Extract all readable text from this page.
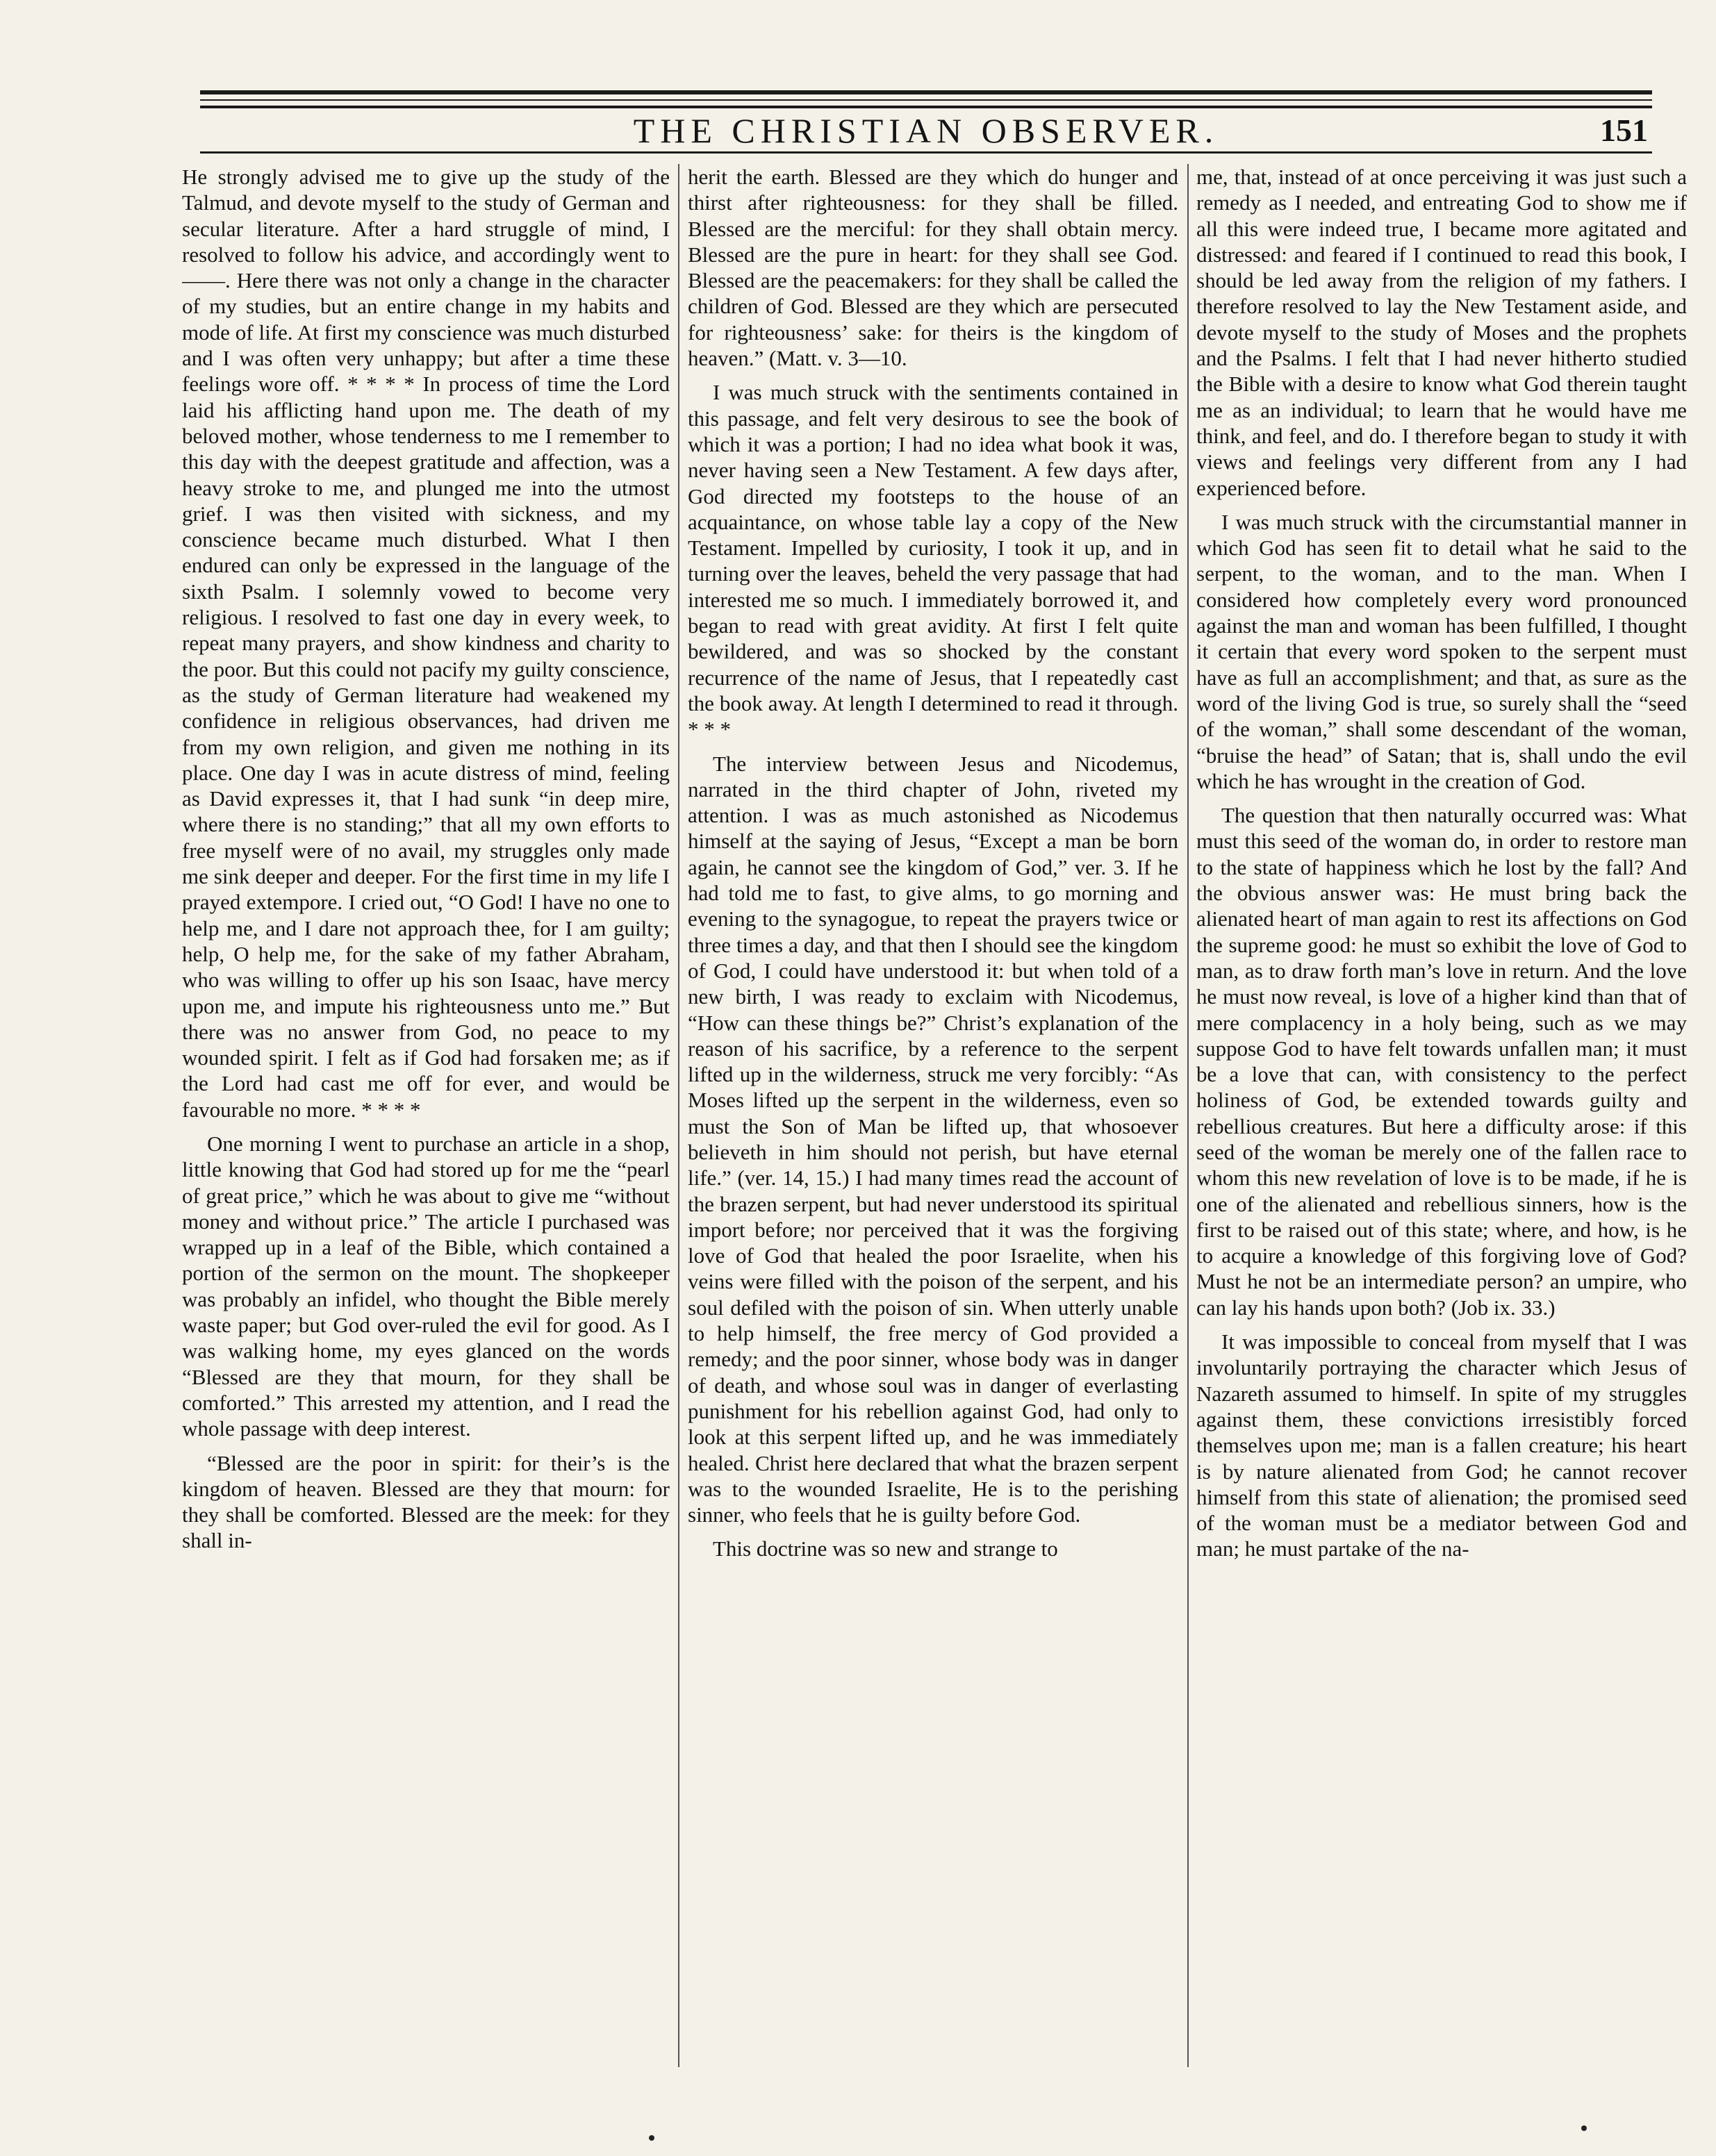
THE CHRISTIAN OBSERVER.	151

He strongly advised me to give up the study of the Talmud, and devote myself to the study of German and secular literature. After a hard struggle of mind, I resolved to follow his advice, and accordingly went to ——. Here there was not only a change in the character of my studies, but an entire change in my habits and mode of life. At first my conscience was much disturbed and I was often very unhappy; but after a time these feelings wore off. * * * * In process of time the Lord laid his afflicting hand upon me. The death of my beloved mother, whose tenderness to me I remember to this day with the deepest gratitude and affection, was a heavy stroke to me, and plunged me into the utmost grief. I was then visited with sickness, and my conscience became much disturbed. What I then endured can only be expressed in the language of the sixth Psalm. I solemnly vowed to become very religious. I resolved to fast one day in every week, to repeat many prayers, and show kindness and charity to the poor. But this could not pacify my guilty conscience, as the study of German literature had weakened my confidence in religious observances, had driven me from my own religion, and given me nothing in its place. One day I was in acute distress of mind, feeling as David expresses it, that I had sunk “in deep mire, where there is no standing;” that all my own efforts to free myself were of no avail, my struggles only made me sink deeper and deeper. For the first time in my life I prayed extempore. I cried out, “O God! I have no one to help me, and I dare not approach thee, for I am guilty; help, O help me, for the sake of my father Abraham, who was willing to offer up his son Isaac, have mercy upon me, and impute his righteousness unto me.” But there was no answer from God, no peace to my wounded spirit. I felt as if God had forsaken me; as if the Lord had cast me off for ever, and would be favourable no more. * * * *

One morning I went to purchase an article in a shop, little knowing that God had stored up for me the “pearl of great price,” which he was about to give me “without money and without price.” The article I purchased was wrapped up in a leaf of the Bible, which contained a portion of the sermon on the mount. The shopkeeper was probably an infidel, who thought the Bible merely waste paper; but God over-ruled the evil for good. As I was walking home, my eyes glanced on the words “Blessed are they that mourn, for they shall be comforted.” This arrested my attention, and I read the whole passage with deep interest.

“Blessed are the poor in spirit: for their’s is the kingdom of heaven. Blessed are they that mourn: for they shall be comforted. Blessed are the meek: for they shall in-

herit the earth. Blessed are they which do hunger and thirst after righteousness: for they shall be filled. Blessed are the merciful: for they shall obtain mercy. Blessed are the pure in heart: for they shall see God. Blessed are the peacemakers: for they shall be called the children of God. Blessed are they which are persecuted for righteousness’ sake: for theirs is the kingdom of heaven.” (Matt. v. 3—10.

I was much struck with the sentiments contained in this passage, and felt very desirous to see the book of which it was a portion; I had no idea what book it was, never having seen a New Testament. A few days after, God directed my footsteps to the house of an acquaintance, on whose table lay a copy of the New Testament. Impelled by curiosity, I took it up, and in turning over the leaves, beheld the very passage that had interested me so much. I immediately borrowed it, and began to read with great avidity. At first I felt quite bewildered, and was so shocked by the constant recurrence of the name of Jesus, that I repeatedly cast the book away. At length I determined to read it through. * * *

The interview between Jesus and Nicodemus, narrated in the third chapter of John, riveted my attention. I was as much astonished as Nicodemus himself at the saying of Jesus, “Except a man be born again, he cannot see the kingdom of God,” ver. 3. If he had told me to fast, to give alms, to go morning and evening to the synagogue, to repeat the prayers twice or three times a day, and that then I should see the kingdom of God, I could have understood it: but when told of a new birth, I was ready to exclaim with Nicodemus, “How can these things be?” Christ’s explanation of the reason of his sacrifice, by a reference to the serpent lifted up in the wilderness, struck me very forcibly: “As Moses lifted up the serpent in the wilderness, even so must the Son of Man be lifted up, that whosoever believeth in him should not perish, but have eternal life.” (ver. 14, 15.) I had many times read the account of the brazen serpent, but had never understood its spiritual import before; nor perceived that it was the forgiving love of God that healed the poor Israelite, when his veins were filled with the poison of the serpent, and his soul defiled with the poison of sin. When utterly unable to help himself, the free mercy of God provided a remedy; and the poor sinner, whose body was in danger of death, and whose soul was in danger of everlasting punishment for his rebellion against God, had only to look at this serpent lifted up, and he was immediately healed. Christ here declared that what the brazen serpent was to the wounded Israelite, He is to the perishing sinner, who feels that he is guilty before God.

This doctrine was so new and strange to

me, that, instead of at once perceiving it was just such a remedy as I needed, and entreating God to show me if all this were indeed true, I became more agitated and distressed: and feared if I continued to read this book, I should be led away from the religion of my fathers. I therefore resolved to lay the New Testament aside, and devote myself to the study of Moses and the prophets and the Psalms. I felt that I had never hitherto studied the Bible with a desire to know what God therein taught me as an individual; to learn that he would have me think, and feel, and do. I therefore began to study it with views and feelings very different from any I had experienced before.

I was much struck with the circumstantial manner in which God has seen fit to detail what he said to the serpent, to the woman, and to the man. When I considered how completely every word pronounced against the man and woman has been fulfilled, I thought it certain that every word spoken to the serpent must have as full an accomplishment; and that, as sure as the word of the living God is true, so surely shall the “seed of the woman,” shall some descendant of the woman, “bruise the head” of Satan; that is, shall undo the evil which he has wrought in the creation of God.

The question that then naturally occurred was: What must this seed of the woman do, in order to restore man to the state of happiness which he lost by the fall? And the obvious answer was: He must bring back the alienated heart of man again to rest its affections on God the supreme good: he must so exhibit the love of God to man, as to draw forth man’s love in return. And the love he must now reveal, is love of a higher kind than that of mere complacency in a holy being, such as we may suppose God to have felt towards unfallen man; it must be a love that can, with consistency to the perfect holiness of God, be extended towards guilty and rebellious creatures. But here a difficulty arose: if this seed of the woman be merely one of the fallen race to whom this new revelation of love is to be made, if he is one of the alienated and rebellious sinners, how is the first to be raised out of this state; where, and how, is he to acquire a knowledge of this forgiving love of God? Must he not be an intermediate person? an umpire, who can lay his hands upon both? (Job ix. 33.)

It was impossible to conceal from myself that I was involuntarily portraying the character which Jesus of Nazareth assumed to himself. In spite of my struggles against them, these convictions irresistibly forced themselves upon me; man is a fallen creature; his heart is by nature alienated from God; he cannot recover himself from this state of alienation; the promised seed of the woman must be a mediator between God and man; he must partake of the na-
